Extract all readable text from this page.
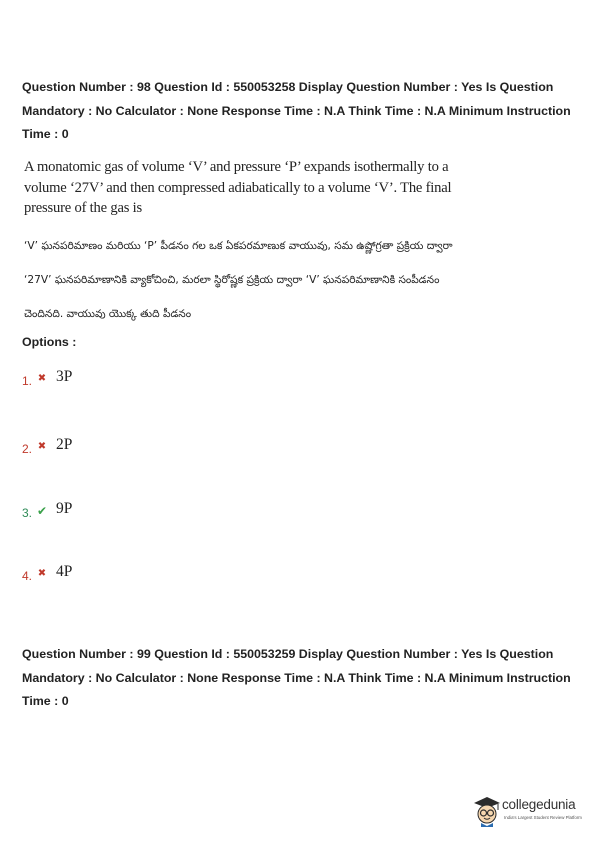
Question Number : 98 Question Id : 550053258 Display Question Number : Yes Is Question Mandatory : No Calculator : None Response Time : N.A Think Time : N.A Minimum Instruction Time : 0
A monatomic gas of volume ‘V’ and pressure ‘P’ expands isothermally to a volume ‘27V’ and then compressed adiabatically to a volume ‘V’. The final pressure of the gas is
‘V’ ఘనపరిమాణం మరియు ‘P’ పీడనం గల ఒక ఏకపరమాణుక వాయువు, సమ ఉష్ణోగ్రతా ప్రక్రియ ద్వారా ‘27V’ ఘనపరిమాణానికి వ్యాకోచించి, మరలా స్థిరోష్ణక ప్రక్రియ ద్వారా ‘V’ ఘనపరిమాణానికి సంపీడనం చెందినది. వాయువు యొక్క తుది పీడనం
Options :
1. ✖ 3P
2. ✖ 2P
3. ✔ 9P
4. ✖ 4P
Question Number : 99 Question Id : 550053259 Display Question Number : Yes Is Question Mandatory : No Calculator : None Response Time : N.A Think Time : N.A Minimum Instruction Time : 0
collegedunia
India's Largest Student Review Platform
